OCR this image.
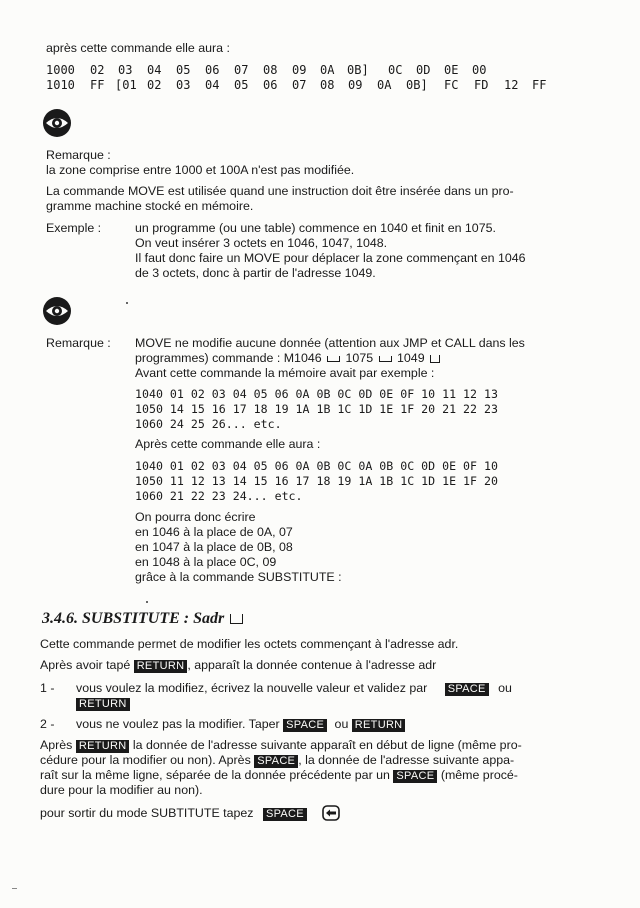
après cette commande elle aura :
1000 02 03 04 05 06 07 08 09 0A 0B] 0C 0D 0E 00
1010 FF [01 02 03 04 05 06 07 08 09 0A 0B] FC FD 12 FF
Remarque :
la zone comprise entre 1000 et 100A n'est pas modifiée.
La commande MOVE est utilisée quand une instruction doit être insérée dans un pro-
gramme machine stocké en mémoire.
Exemple :	un programme (ou une table) commence en 1040 et finit en 1075.
On veut insérer 3 octets en 1046, 1047, 1048.
Il faut donc faire un MOVE pour déplacer la zone commençant en 1046
de 3 octets, donc à partir de l'adresse 1049.
Remarque : MOVE ne modifie aucune donnée (attention aux JMP et CALL dans les
programmes) commande : M1046 1075 1049
Avant cette commande la mémoire avait par exemple :
1040 01 02 03 04 05 06 0A 0B 0C 0D 0E 0F 10 11 12 13
1050 14 15 16 17 18 19 1A 1B 1C 1D 1E 1F 20 21 22 23
1060 24 25 26... etc.
Après cette commande elle aura :
1040 01 02 03 04 05 06 0A 0B 0C 0A 0B 0C 0D 0E 0F 10
1050 11 12 13 14 15 16 17 18 19 1A 1B 1C 1D 1E 1F 20
1060 21 22 23 24... etc.
On pourra donc écrire
en 1046 à la place de 0A, 07
en 1047 à la place de 0B, 08
en 1048 à la place 0C, 09
grâce à la commande SUBSTITUTE :
3.4.6. SUBSTITUTE : Sadr
Cette commande permet de modifier les octets commençant à l'adresse adr.
Après avoir tapé RETURN , apparaît la donnée contenue à l'adresse adr
1 - vous voulez la modifiez, écrivez la nouvelle valeur et validez par SPACE ou
RETURN
2 - vous ne voulez pas la modifier. Taper SPACE ou RETURN
Après RETURN la donnée de l'adresse suivante apparaît en début de ligne (même pro-
cédure pour la modifier ou non). Après SPACE , la donnée de l'adresse suivante appa-
raît sur la même ligne, séparée de la donnée précédente par un SPACE (même procé-
dure pour la modifier au non).
pour sortir du mode SUBTITUTE tapez SPACE
